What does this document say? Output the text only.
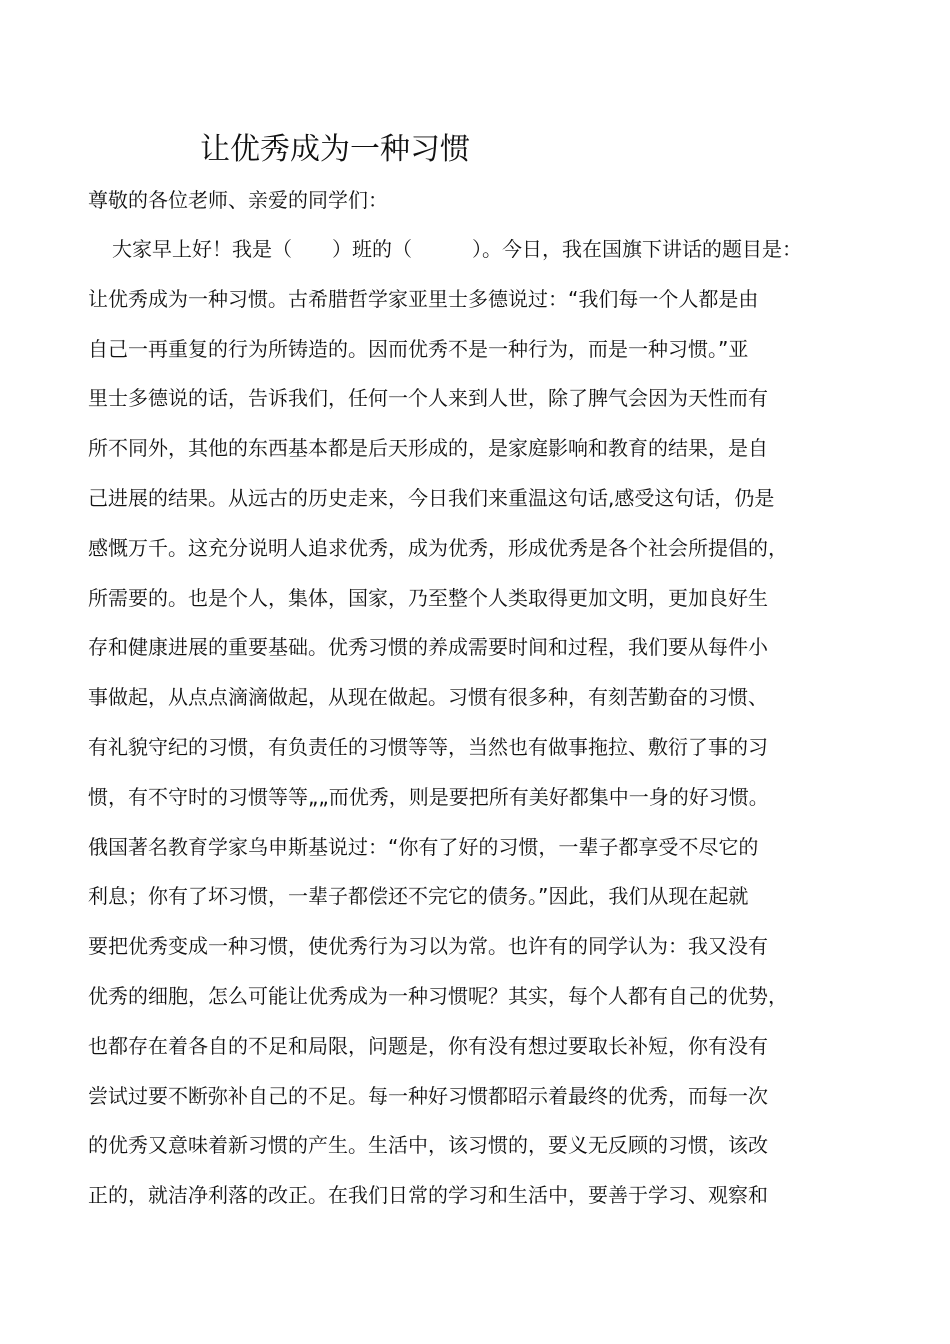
让优秀成为一种习惯
尊敬的各位老师、亲爱的同学们：
大家早上好！我是（　　）班的（　　　）。今日，我在国旗下讲话的题目是：
让优秀成为一种习惯。古希腊哲学家亚里士多德说过：“我们每一个人都是由
自己一再重复的行为所铸造的。因而优秀不是一种行为，而是一种习惯。”亚
里士多德说的话，告诉我们，任何一个人来到人世，除了脾气会因为天性而有
所不同外，其他的东西基本都是后天形成的，是家庭影响和教育的结果，是自
己进展的结果。从远古的历史走来，今日我们来重温这句话,感受这句话，仍是
感慨万千。这充分说明人追求优秀，成为优秀，形成优秀是各个社会所提倡的，
所需要的。也是个人，集体，国家，乃至整个人类取得更加文明，更加良好生
存和健康进展的重要基础。优秀习惯的养成需要时间和过程，我们要从每件小
事做起，从点点滴滴做起，从现在做起。习惯有很多种，有刻苦勤奋的习惯、
有礼貌守纪的习惯，有负责任的习惯等等，当然也有做事拖拉、敷衍了事的习
惯，有不守时的习惯等等„„而优秀，则是要把所有美好都集中一身的好习惯。
俄国著名教育学家乌申斯基说过：“你有了好的习惯，一辈子都享受不尽它的
利息；你有了坏习惯，一辈子都偿还不完它的债务。”因此，我们从现在起就
要把优秀变成一种习惯，使优秀行为习以为常。也许有的同学认为：我又没有
优秀的细胞，怎么可能让优秀成为一种习惯呢？其实，每个人都有自己的优势，
也都存在着各自的不足和局限，问题是，你有没有想过要取长补短，你有没有
尝试过要不断弥补自己的不足。每一种好习惯都昭示着最终的优秀，而每一次
的优秀又意味着新习惯的产生。生活中，该习惯的，要义无反顾的习惯，该改
正的，就洁净利落的改正。在我们日常的学习和生活中，要善于学习、观察和
